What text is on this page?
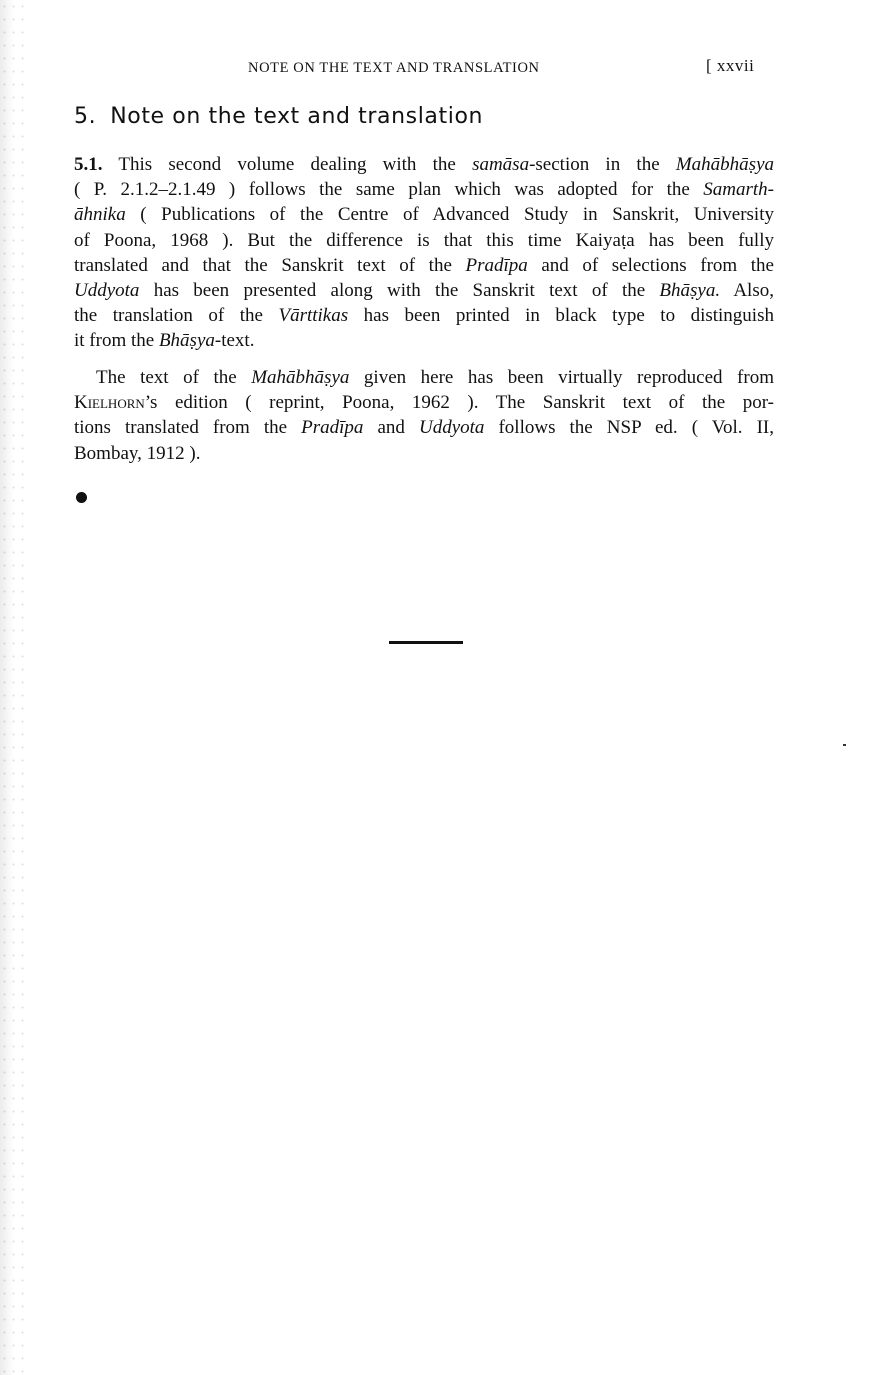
NOTE ON THE TEXT AND TRANSLATION	[ xxvii
5. Note on the text and translation

5.1. This second volume dealing with the samāsa-section in the Mahābhāṣya
( P. 2.1.2–2.1.49 ) follows the same plan which was adopted for the Samarth-
āhnika ( Publications of the Centre of Advanced Study in Sanskrit, University
of Poona, 1968 ). But the difference is that this time Kaiyaṭa has been fully
translated and that the Sanskrit text of the Pradīpa and of selections from the
Uddyota has been presented along with the Sanskrit text of the Bhāṣya. Also,
the translation of the Vārttikas has been printed in black type to distinguish
it from the Bhāṣya-text.

The text of the Mahābhāṣya given here has been virtually reproduced from
Kielhorn’s edition ( reprint, Poona, 1962 ). The Sanskrit text of the por-
tions translated from the Pradīpa and Uddyota follows the NSP ed. ( Vol. II,
Bombay, 1912 ).
